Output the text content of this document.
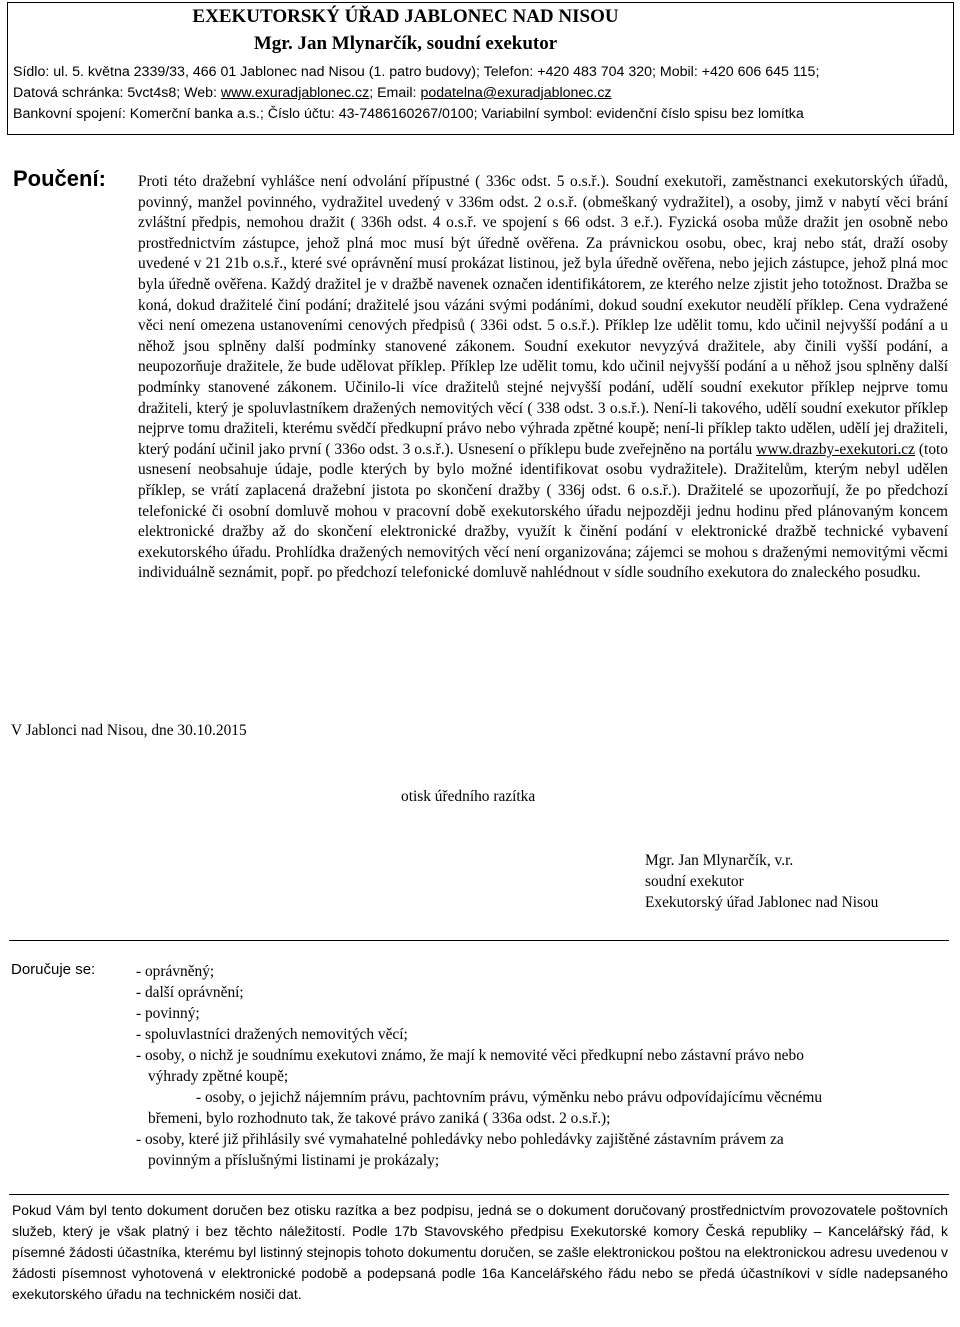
EXEKUTORSKÝ ÚŘAD JABLONEC NAD NISOU
Mgr. Jan Mlynarčík, soudní exekutor
Sídlo: ul. 5. května 2339/33, 466 01 Jablonec nad Nisou (1. patro budovy); Telefon: +420 483 704 320; Mobil: +420 606 645 115;
Datová schránka: 5vct4s8; Web: www.exuradjablonec.cz; Email: podatelna@exuradjablonec.cz
Bankovní spojení: Komerční banka a.s.; Číslo účtu: 43-7486160267/0100; Variabilní symbol: evidenční číslo spisu bez lomítka
Poučení: Proti této dražební vyhlášce není odvolání přípustné ( 336c odst. 5 o.s.ř.). Soudní exekutoři, zaměstnanci exekutorských úřadů, povinný, manžel povinného, vydražitel uvedený v 336m odst. 2 o.s.ř. (obmeškaný vydražitel), a osoby, jimž v nabytí věci brání zvláštní předpis, nemohou dražit ( 336h odst. 4 o.s.ř. ve spojení s 66 odst. 3 e.ř.). Fyzická osoba může dražit jen osobně nebo prostřednictvím zástupce, jehož plná moc musí být úředně ověřena. Za právnickou osobu, obec, kraj nebo stát, draží osoby uvedené v 21 21b o.s.ř., které své oprávnění musí prokázat listinou, jež byla úředně ověřena, nebo jejich zástupce, jehož plná moc byla úředně ověřena. Každý dražitel je v dražbě navenek označen identifikátorem, ze kterého nelze zjistit jeho totožnost. Dražba se koná, dokud dražitelé činí podání; dražitelé jsou vázáni svými podáními, dokud soudní exekutor neudělí příklep. Cena vydražené věci není omezena ustanoveními cenových předpisů ( 336i odst. 5 o.s.ř.). Příklep lze udělit tomu, kdo učinil nejvyšší podání a u něhož jsou splněny další podmínky stanovené zákonem. Soudní exekutor nevyzývá dražitele, aby činili vyšší podání, a neupozorňuje dražitele, že bude udělovat příklep. Příklep lze udělit tomu, kdo učinil nejvyšší podání a u něhož jsou splněny další podmínky stanovené zákonem. Učinilo-li více dražitelů stejné nejvyšší podání, udělí soudní exekutor příklep nejprve tomu dražiteli, který je spoluvlastníkem dražených nemovitých věcí ( 338 odst. 3 o.s.ř.). Není-li takového, udělí soudní exekutor příklep nejprve tomu dražiteli, kterému svědčí předkupní právo nebo výhrada zpětné koupě; není-li příklep takto udělen, udělí jej dražiteli, který podání učinil jako první ( 336o odst. 3 o.s.ř.). Usnesení o příklepu bude zveřejněno na portálu www.drazby-exekutori.cz (toto usnesení neobsahuje údaje, podle kterých by bylo možné identifikovat osobu vydražitele). Dražitelům, kterým nebyl udělen příklep, se vrátí zaplacená dražební jistota po skončení dražby ( 336j odst. 6 o.s.ř.). Dražitelé se upozorňují, že po předchozí telefonické či osobní domluvě mohou v pracovní době exekutorského úřadu nejpozději jednu hodinu před plánovaným koncem elektronické dražby až do skončení elektronické dražby, využít k činění podání v elektronické dražbě technické vybavení exekutorského úřadu. Prohlídka dražených nemovitých věcí není organizována; zájemci se mohou s draženými nemovitými věcmi individuálně seznámit, popř. po předchozí telefonické domluvě nahlédnout v sídle soudního exekutora do znaleckého posudku.
V Jablonci nad Nisou, dne 30.10.2015
otisk úředního razítka
Mgr. Jan Mlynarčík, v.r.
soudní exekutor
Exekutorský úřad Jablonec nad Nisou
Doručuje se:	- oprávněný;
- další oprávnění;
- povinný;
- spoluvlastníci dražených nemovitých věcí;
- osoby, o nichž je soudnímu exekutovi známo, že mají k nemovité věci předkupní nebo zástavní právo nebo
výhrady zpětné koupě;
- osoby, o jejichž nájemním právu, pachtovním právu, výměnku nebo právu odpovídajícímu věcnému
břemeni, bylo rozhodnuto tak, že takové právo zaniká ( 336a odst. 2 o.s.ř.);
- osoby, které již přihlásily své vymahatelné pohledávky nebo pohledávky zajištěné zástavním právem za
povinným a příslušnými listinami je prokázaly;
Pokud Vám byl tento dokument doručen bez otisku razítka a bez podpisu, jedná se o dokument doručovaný prostřednictvím provozovatele poštovních služeb, který je však platný i bez těchto náležitostí. Podle 17b Stavovského předpisu Exekutorské komory Česká republiky – Kancelářský řád, k písemné žádosti účastníka, kterému byl listinný stejnopis tohoto dokumentu doručen, se zašle elektronickou poštou na elektronickou adresu uvedenou v žádosti písemnost vyhotovená v elektronické podobě a podepsaná podle 16a Kancelářského řádu nebo se předá účastníkovi v sídle nadepsaného exekutorského úřadu na technickém nosiči dat.
